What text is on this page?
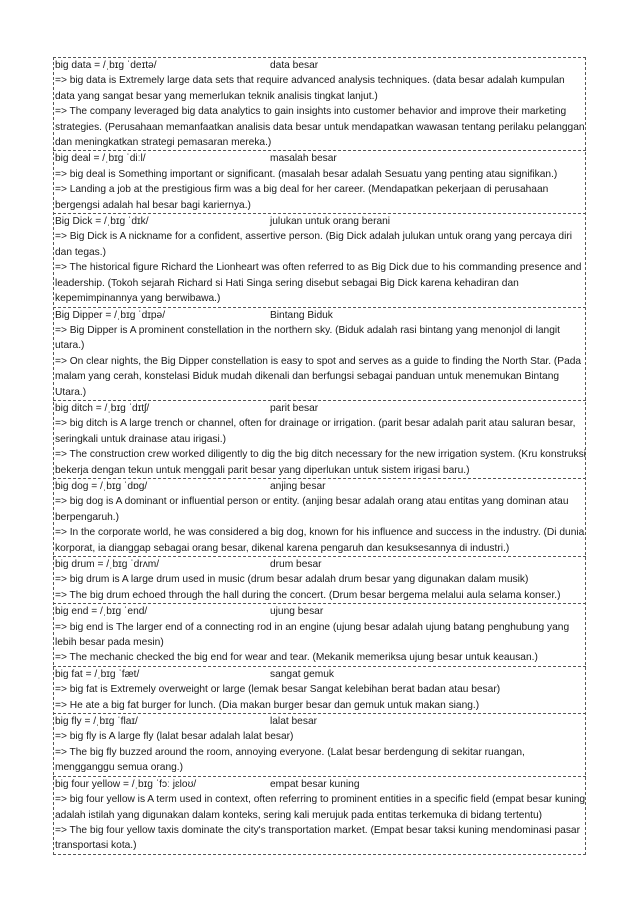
big data = /ˌbɪɡ ˈdeɪtə/	data besar

=> big data is Extremely large data sets that require advanced analysis techniques. (data besar adalah kumpulan data yang sangat besar yang memerlukan teknik analisis tingkat lanjut.)

=> The company leveraged big data analytics to gain insights into customer behavior and improve their marketing strategies. (Perusahaan memanfaatkan analisis data besar untuk mendapatkan wawasan tentang perilaku pelanggan dan meningkatkan strategi pemasaran mereka.)

big deal = /ˌbɪɡ ˈdiːl/	masalah besar

=> big deal is Something important or significant. (masalah besar adalah Sesuatu yang penting atau signifikan.)

=> Landing a job at the prestigious firm was a big deal for her career. (Mendapatkan pekerjaan di perusahaan bergengsi adalah hal besar bagi kariernya.)

Big Dick = /ˌbɪɡ ˈdɪk/	julukan untuk orang berani

=> Big Dick is A nickname for a confident, assertive person. (Big Dick adalah julukan untuk orang yang percaya diri dan tegas.)

=> The historical figure Richard the Lionheart was often referred to as Big Dick due to his commanding presence and leadership. (Tokoh sejarah Richard si Hati Singa sering disebut sebagai Big Dick karena kehadiran dan kepemimpinannya yang berwibawa.)

Big Dipper = /ˌbɪɡ ˈdɪpə/	Bintang Biduk

=> Big Dipper is A prominent constellation in the northern sky. (Biduk adalah rasi bintang yang menonjol di langit utara.)

=> On clear nights, the Big Dipper constellation is easy to spot and serves as a guide to finding the North Star. (Pada malam yang cerah, konstelasi Biduk mudah dikenali dan berfungsi sebagai panduan untuk menemukan Bintang Utara.)

big ditch = /ˌbɪɡ ˈdɪtʃ/	parit besar

=> big ditch is A large trench or channel, often for drainage or irrigation. (parit besar adalah parit atau saluran besar, seringkali untuk drainase atau irigasi.)

=> The construction crew worked diligently to dig the big ditch necessary for the new irrigation system. (Kru konstruksi bekerja dengan tekun untuk menggali parit besar yang diperlukan untuk sistem irigasi baru.)

big dog = /ˌbɪɡ ˈdɒɡ/	anjing besar

=> big dog is A dominant or influential person or entity. (anjing besar adalah orang atau entitas yang dominan atau berpengaruh.)

=> In the corporate world, he was considered a big dog, known for his influence and success in the industry. (Di dunia korporat, ia dianggap sebagai orang besar, dikenal karena pengaruh dan kesuksesannya di industri.)

big drum = /ˌbɪɡ ˈdrʌm/	drum besar

=> big drum is A large drum used in music (drum besar adalah drum besar yang digunakan dalam musik)

=> The big drum echoed through the hall during the concert. (Drum besar bergema melalui aula selama konser.)

big end = /ˌbɪɡ ˈend/	ujung besar

=> big end is The larger end of a connecting rod in an engine (ujung besar adalah ujung batang penghubung yang lebih besar pada mesin)

=> The mechanic checked the big end for wear and tear. (Mekanik memeriksa ujung besar untuk keausan.)

big fat = /ˌbɪɡ ˈfæt/	sangat gemuk

=> big fat is Extremely overweight or large (lemak besar Sangat kelebihan berat badan atau besar)

=> He ate a big fat burger for lunch. (Dia makan burger besar dan gemuk untuk makan siang.)

big fly = /ˌbɪɡ ˈflaɪ/	lalat besar

=> big fly is A large fly (lalat besar adalah lalat besar)

=> The big fly buzzed around the room, annoying everyone. (Lalat besar berdengung di sekitar ruangan, mengganggu semua orang.)

big four yellow = /ˌbɪɡ ˈfɔː jɛloʊ/	empat besar kuning

=> big four yellow is A term used in context, often referring to prominent entities in a specific field (empat besar kuning adalah istilah yang digunakan dalam konteks, sering kali merujuk pada entitas terkemuka di bidang tertentu)

=> The big four yellow taxis dominate the city's transportation market. (Empat besar taksi kuning mendominasi pasar transportasi kota.)
